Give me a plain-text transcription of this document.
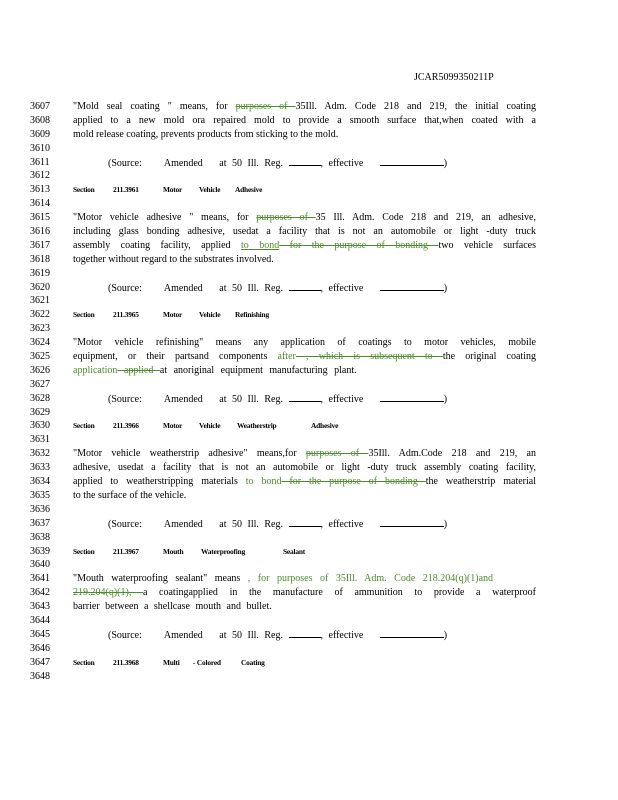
JCAR5099350211P
3607 "Mold seal coating " means, for purposes of 35Ill. Adm. Code 218 and 219, the initial coating
3608 applied to a new mold ora repaired mold to provide a smooth surface that,when coated with a
3609 mold release coating, prevents products from sticking to the mold.
3610
3611	(Source: Amended at 50 Ill. Reg.	, effective	)
3612
3613	Section 211.3961	Motor Vehicle Adhesive
3614
3615 "Motor vehicle adhesive " means, for purposes of 35 Ill. Adm. Code 218 and 219, an adhesive,
3616 including glass bonding adhesive, usedat a facility that is not an automobile or light -duty truck
3617 assembly coating facility, applied to bond for the purpose of bonding two vehicle surfaces
3618 together without regard to the substrates involved.
3619
3620	(Source: Amended at 50 Ill. Reg.	, effective	)
3621
3622	Section 211.3965	Motor Vehicle Refinishing
3623
3624 "Motor vehicle refinishing" means any application of coatings to motor vehicles, mobile
3625 equipment, or their partsand components after , which is subsequent to the original coating
3626 application applied at anoriginal equipment manufacturing plant.
3627
3628	(Source: Amended at 50 Ill. Reg.	, effective	)
3629
3630	Section 211.3966	Motor Vehicle Weatherstrip	Adhesive
3631
3632 "Motor vehicle weatherstrip adhesive" means,for purposes of 35Ill. Adm.Code 218 and 219, an
3633 adhesive, usedat a facility that is not an automobile or light -duty truck assembly coating facility,
3634 applied to weatherstripping materials to bond for the purpose of bonding the weatherstrip material
3635 to the surface of the vehicle.
3636
3637	(Source: Amended at 50 Ill. Reg.	, effective	)
3638
3639	Section 211.3967	Mouth Waterproofing	Sealant
3640
3641 "Mouth waterproofing sealant" means , for purposes of 35Ill. Adm. Code 218.204(q)(1)and
3642 219.204(q)(1), a coatingapplied in the manufacture of ammunition to provide a waterproof
3643 barrier between a shellcase mouth and bullet.
3644
3645	(Source: Amended at 50 Ill. Reg.	, effective	)
3646
3647	Section 211.3968	Multi - Colored	Coating
3648
